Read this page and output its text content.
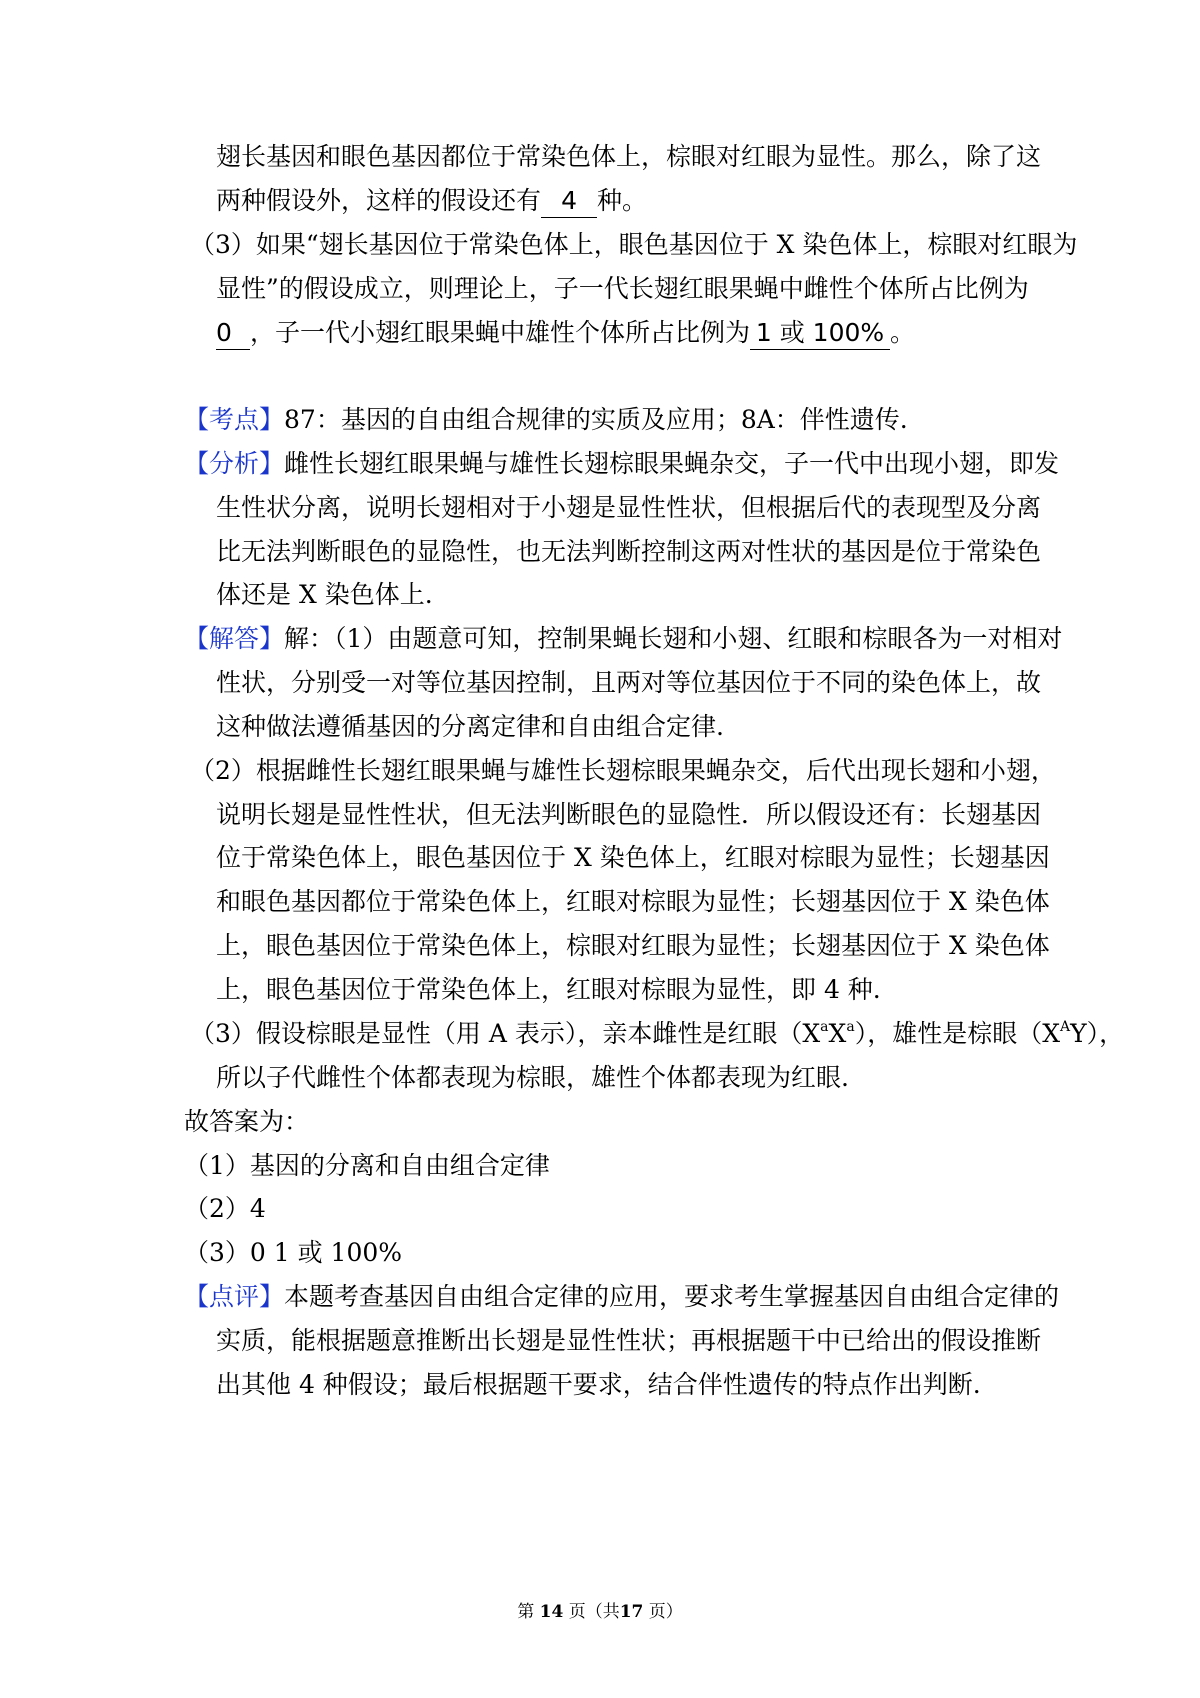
翅长基因和眼色基因都位于常染色体上，棕眼对红眼为显性。那么，除了这
两种假设外，这样的假设还有 4 种。
（3）如果“翅长基因位于常染色体上，眼色基因位于 X 染色体上，棕眼对红眼为
显性”的假设成立，则理论上，子一代长翅红眼果蝇中雌性个体所占比例为
0 ，子一代小翅红眼果蝇中雄性个体所占比例为 1 或 100% 。
【考点】87：基因的自由组合规律的实质及应用；8A：伴性遗传.
【分析】雌性长翅红眼果蝇与雄性长翅棕眼果蝇杂交，子一代中出现小翅，即发
生性状分离，说明长翅相对于小翅是显性性状，但根据后代的表现型及分离
比无法判断眼色的显隐性，也无法判断控制这两对性状的基因是位于常染色
体还是 X 染色体上.
【解答】解：（1）由题意可知，控制果蝇长翅和小翅、红眼和棕眼各为一对相对
性状，分别受一对等位基因控制，且两对等位基因位于不同的染色体上，故
这种做法遵循基因的分离定律和自由组合定律.
（2）根据雌性长翅红眼果蝇与雄性长翅棕眼果蝇杂交，后代出现长翅和小翅，
说明长翅是显性性状，但无法判断眼色的显隐性．所以假设还有：长翅基因
位于常染色体上，眼色基因位于 X 染色体上，红眼对棕眼为显性；长翅基因
和眼色基因都位于常染色体上，红眼对棕眼为显性；长翅基因位于 X 染色体
上，眼色基因位于常染色体上，棕眼对红眼为显性；长翅基因位于 X 染色体
上，眼色基因位于常染色体上，红眼对棕眼为显性，即 4 种.
（3）假设棕眼是显性（用 A 表示），亲本雌性是红眼$(X^aX^a)$，雄性是棕眼$(X^AY)$，
所以子代雌性个体都表现为棕眼，雄性个体都表现为红眼.
故答案为：
（1）基因的分离和自由组合定律
（2）4
（3）0 1 或 100%
【点评】本题考查基因自由组合定律的应用，要求考生掌握基因自由组合定律的
实质，能根据题意推断出长翅是显性性状；再根据题干中已给出的假设推断
出其他 4 种假设；最后根据题干要求，结合伴性遗传的特点作出判断.
第 14 页（共17 页）
